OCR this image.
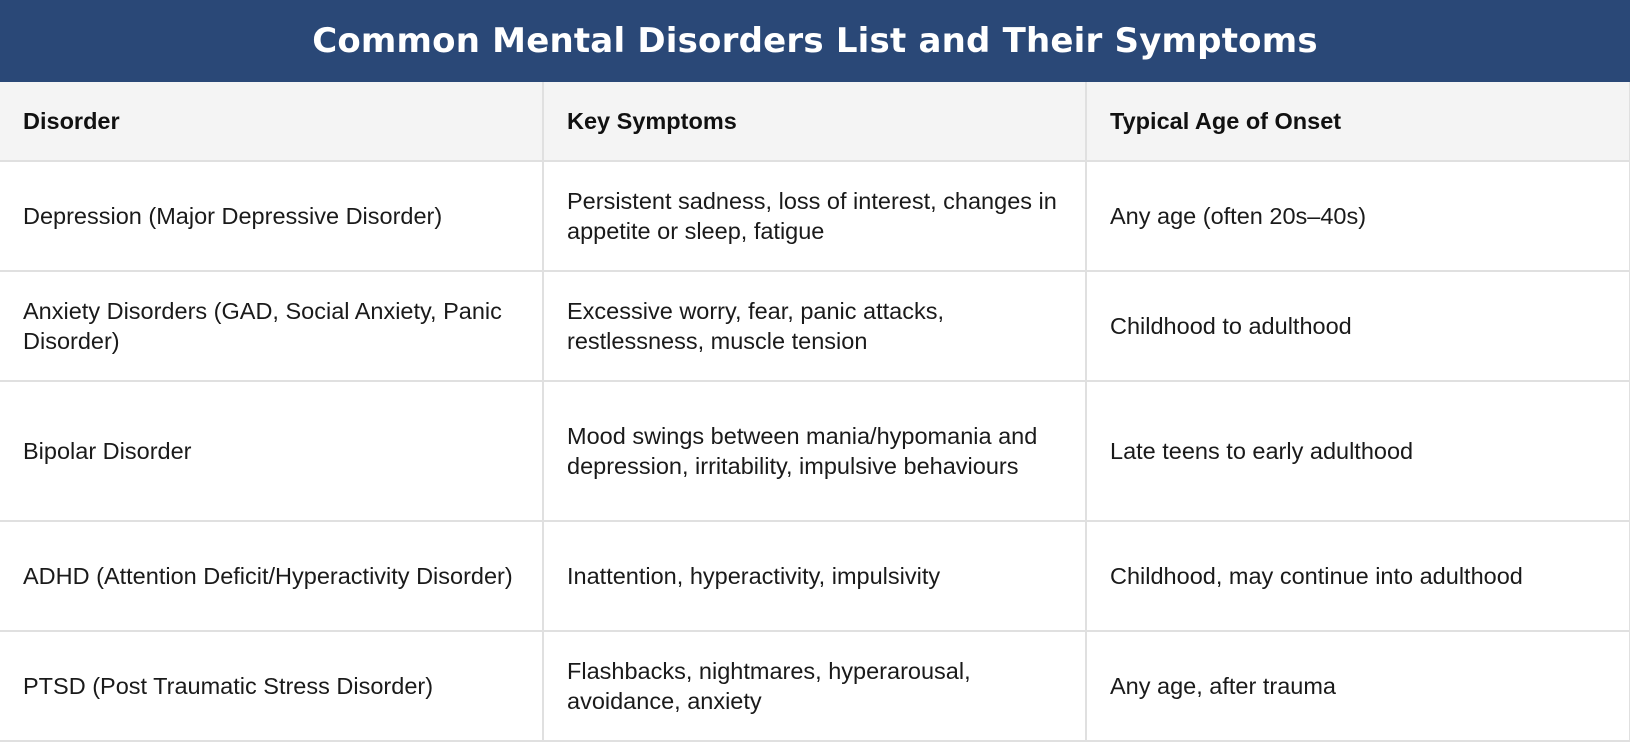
Common Mental Disorders List and Their Symptoms
Disorder	Key Symptoms	Typical Age of Onset
Depression (Major Depressive Disorder)	Persistent sadness, loss of interest, changes in appetite or sleep, fatigue	Any age (often 20s–40s)
Anxiety Disorders (GAD, Social Anxiety, Panic Disorder)	Excessive worry, fear, panic attacks, restlessness, muscle tension	Childhood to adulthood
Bipolar Disorder	Mood swings between mania/hypomania and depression, irritability, impulsive behaviours	Late teens to early adulthood
ADHD (Attention Deficit/Hyperactivity Disorder)	Inattention, hyperactivity, impulsivity	Childhood, may continue into adulthood
PTSD (Post Traumatic Stress Disorder)	Flashbacks, nightmares, hyperarousal, avoidance, anxiety	Any age, after trauma
